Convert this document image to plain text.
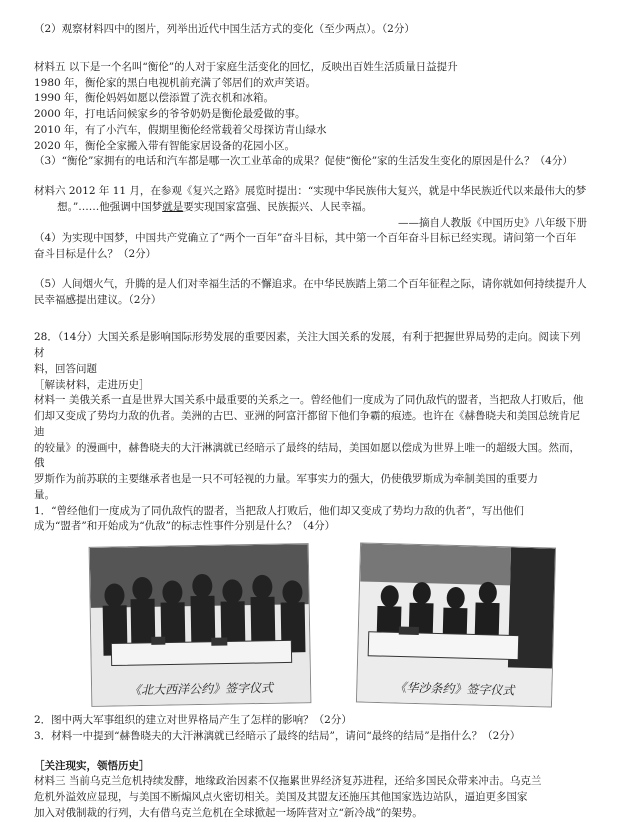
（2）观察材料四中的图片，列举出近代中国生活方式的变化（至少两点）。（2分）

材料五 以下是一个名叫“衡伦”的人对于家庭生活变化的回忆，反映出百姓生活质量日益提升

1980 年，衡伦家的黑白电视机前充满了邻居们的欢声笑语。

1990 年，衡伦妈妈如愿以偿添置了洗衣机和冰箱。

2000 年，打电话问候家乡的爷爷奶奶是衡伦最爱做的事。

2010 年，有了小汽车，假期里衡伦经常载着父母探访青山绿水

2020 年，衡伦全家搬入带有智能家居设备的花园小区。

（3）“衡伦”家拥有的电话和汽车都是哪一次工业革命的成果？促使“衡伦”家的生活发生变化的原因是什么？（4分）

材料六 2012 年 11 月，在参观《复兴之路》展览时提出：“实现中华民族伟大复兴，就是中华民族近代以来最伟大的梦

想。”……他强调中国梦就是要实现国家富强、民族振兴、人民幸福。

——摘自人教版《中国历史》八年级下册

（4）为实现中国梦，中国共产党确立了“两个一百年”奋斗目标，其中第一个百年奋斗目标已经实现。请问第一个百年

奋斗目标是什么？（2分）

（5）人间烟火气，升腾的是人们对幸福生活的不懈追求。在中华民族踏上第二个百年征程之际，请你就如何持续提升人

民幸福感提出建议。（2分）

28．（14分）大国关系是影响国际形势发展的重要因素，关注大国关系的发展，有利于把握世界局势的走向。阅读下列材

料，回答问题

［解读材料，走进历史］

材料一 美俄关系一直是世界大国关系中最重要的关系之一。曾经他们一度成为了同仇敌忾的盟者，当把敌人打败后，他

们却又变成了势均力敌的仇者。美洲的古巴、亚洲的阿富汗都留下他们争霸的痕迹。也许在《赫鲁晓夫和美国总统肯尼迪

的较量》的漫画中，赫鲁晓夫的大汗淋漓就已经暗示了最终的结局，美国如愿以偿成为世界上唯一的超级大国。然而，俄

罗斯作为前苏联的主要继承者也是一只不可轻视的力量。军事实力的强大，仍使俄罗斯成为牵制美国的重要力

量。

1．“曾经他们一度成为了同仇敌忾的盟者，当把敌人打败后，他们却又变成了势均力敌的仇者”，写出他们

成为“盟者”和开始成为“仇敌”的标志性事件分别是什么？（4分）

《北大西洋公约》签字仪式	《华沙条约》签字仪式

2．图中两大军事组织的建立对世界格局产生了怎样的影响？（2分）

3．材料一中提到“赫鲁晓夫的大汗淋漓就已经暗示了最终的结局”，请问“最终的结局”是指什么？（2分）

［关注现实，领悟历史］

材料三 当前乌克兰危机持续发酵，地缘政治因素不仅拖累世界经济复苏进程，还给多国民众带来冲击。乌克兰

危机外溢效应显现，与美国不断煽风点火密切相关。美国及其盟友还施压其他国家选边站队，逼迫更多国家

加入对俄制裁的行列，大有借乌克兰危机在全球掀起一场阵营对立“新冷战”的架势。
